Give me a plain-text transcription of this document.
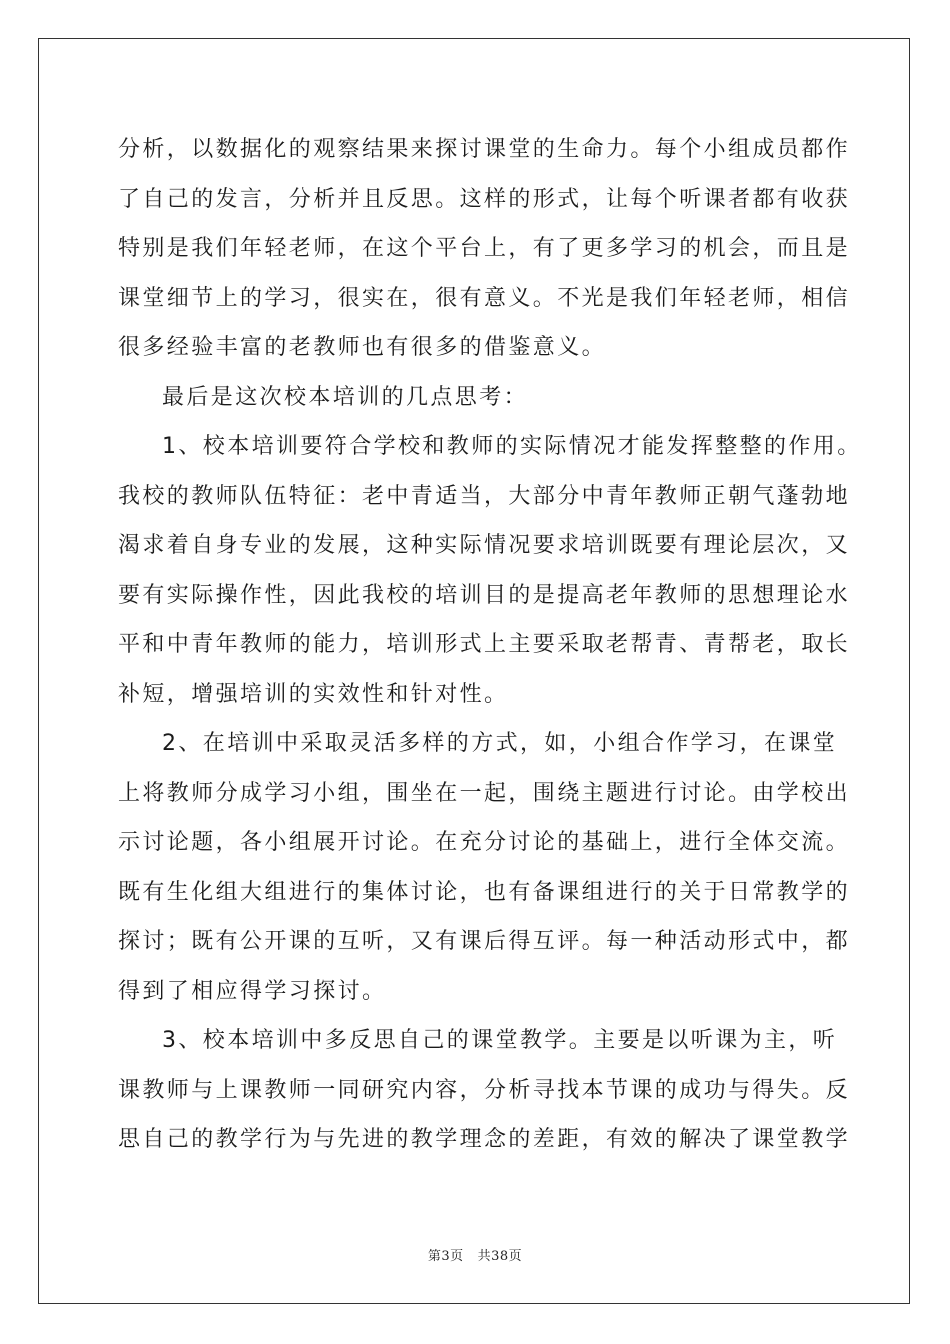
分析，以数据化的观察结果来探讨课堂的生命力。每个小组成员都作
了自己的发言，分析并且反思。这样的形式，让每个听课者都有收获
特别是我们年轻老师，在这个平台上，有了更多学习的机会，而且是
课堂细节上的学习，很实在，很有意义。不光是我们年轻老师，相信
很多经验丰富的老教师也有很多的借鉴意义。
最后是这次校本培训的几点思考：
1、校本培训要符合学校和教师的实际情况才能发挥整整的作用。
我校的教师队伍特征：老中青适当，大部分中青年教师正朝气蓬勃地
渴求着自身专业的发展，这种实际情况要求培训既要有理论层次，又
要有实际操作性，因此我校的培训目的是提高老年教师的思想理论水
平和中青年教师的能力，培训形式上主要采取老帮青、青帮老，取长
补短，增强培训的实效性和针对性。
2、在培训中采取灵活多样的方式，如，小组合作学习，在课堂
上将教师分成学习小组，围坐在一起，围绕主题进行讨论。由学校出
示讨论题，各小组展开讨论。在充分讨论的基础上，进行全体交流。
既有生化组大组进行的集体讨论，也有备课组进行的关于日常教学的
探讨；既有公开课的互听，又有课后得互评。每一种活动形式中，都
得到了相应得学习探讨。
3、校本培训中多反思自己的课堂教学。主要是以听课为主，听
课教师与上课教师一同研究内容，分析寻找本节课的成功与得失。反
思自己的教学行为与先进的教学理念的差距，有效的解决了课堂教学
第3页 共38页
